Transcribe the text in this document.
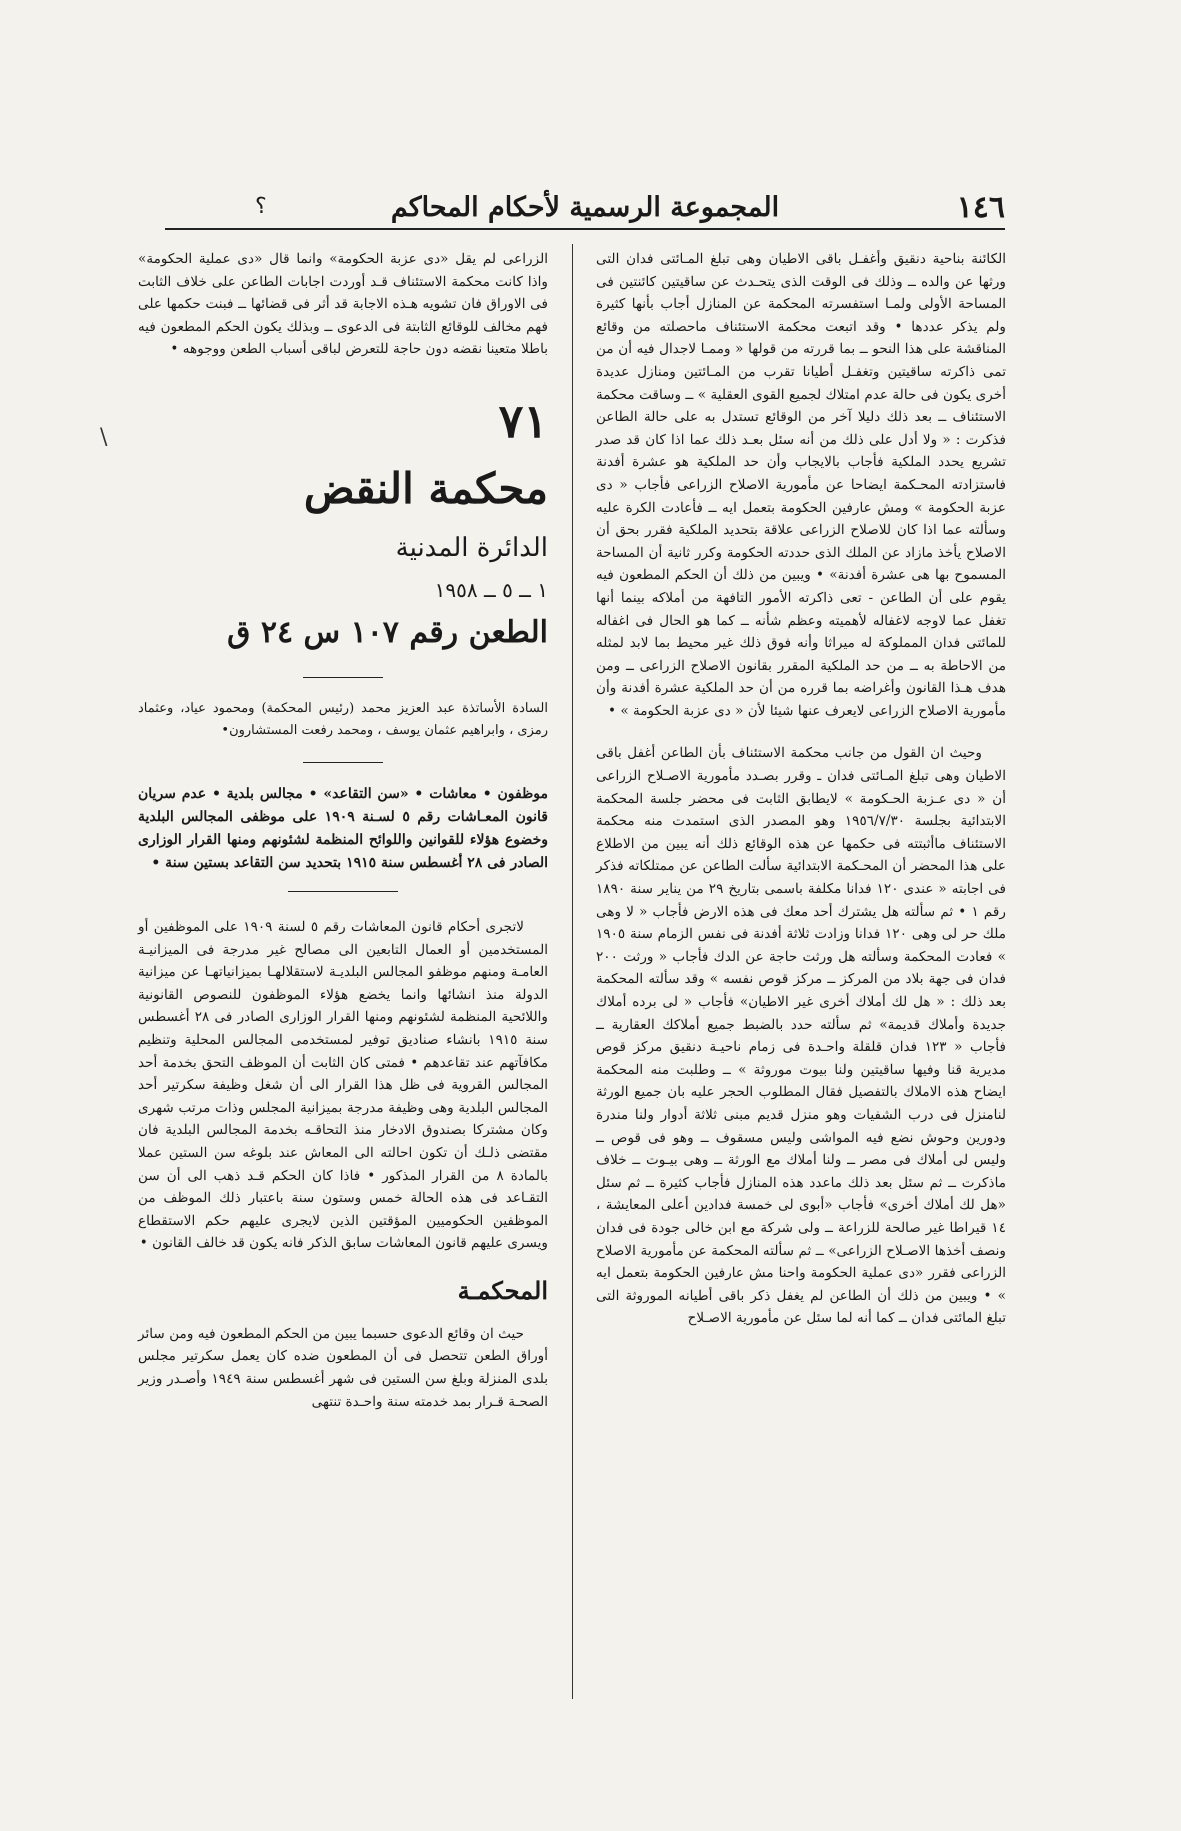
١٤٦
المجموعة الرسمية لأحكام المحاكم
؟
\

الكائنة بناحية دنقيق وأغفـل باقى الاطيان وهى تبلغ المـائتى فدان التى ورثها عن والده ــ وذلك فى الوقت الذى يتحـدث عن ساقيتين كائنتين فى المساحة الأولى ولمـا استفسرته المحكمة عن المنازل أجاب بأنها كثيرة ولم يذكر عددها • وقد اتبعت محكمة الاستئناف ماحصلته من وقائع المناقشة على هذا النحو ــ بما قررته من قولها « وممـا لاجدال فيه أن من تمى ذاكرته ساقيتين وتغفـل أطيانا تقرب من المـائتين ومنازل عديدة أخرى يكون فى حالة عدم امتلاك لجميع القوى العقلية » ــ وساقت محكمة الاستئناف ــ بعد ذلك دليلا آخر من الوقائع تستدل به على حالة الطاعن فذكرت : « ولا أدل على ذلك من أنه سئل بعـد ذلك عما اذا كان قد صدر تشريع يحدد الملكية فأجاب بالايجاب وأن حد الملكية هو عشرة أفدنة فاستزادته المحـكمة ايضاحا عن مأمورية الاصلاح الزراعى فأجاب « دى عزبة الحكومة » ومش عارفين الحكومة بتعمل ايه ــ فأعادت الكرة عليه وسألته عما اذا كان للاصلاح الزراعى علاقة بتحديد الملكية فقرر بحق أن الاصلاح يأخذ مازاد عن الملك الذى حددته الحكومة وكرر ثانية أن المساحة المسموح بها هى عشرة أفدنة» • ويبين من ذلك أن الحكم المطعون فيه يقوم على أن الطاعن - تعى ذاكرته الأمور التافهة من أملاكه بينما أنها تغفل عما لاوجه لاغفاله لأهميته وعظم شأنه ــ كما هو الحال فى اغفاله للمائتى فدان المملوكة له ميراثا وأنه فوق ذلك غير محيط بما لابد لمثله من الاحاطة به ــ من حد الملكية المقرر بقانون الاصلاح الزراعى ــ ومن هدف هـذا القانون وأغراضه بما قرره من أن حد الملكية عشرة أفدنة وأن مأمورية الاصلاح الزراعى لايعرف عنها شيئا لأن « دى عزبة الحكومة » •

وحيث ان القول من جانب محكمة الاستئناف بأن الطاعن أغفل باقى الاطيان وهى تبلغ المـائتى فدان ـ وقرر بصـدد مأمورية الاصـلاح الزراعى أن « دى عـزبة الحـكومة » لايطابق الثابت فى محضر جلسة المحكمة الابتدائية بجلسة ١٩٥٦/٧/٣٠ وهو المصدر الذى استمدت منه محكمة الاستئناف ماأثبتته فى حكمها عن هذه الوقائع ذلك أنه يبين من الاطلاع على هذا المحضر أن المحـكمة الابتدائية سألت الطاعن عن ممتلكاته فذكر فى اجابته « عندى ١٢٠ فدانا مكلفة باسمى بتاريخ ٢٩ من يناير سنة ١٨٩٠ رقم ١ • ثم سألته هل يشترك أحد معك فى هذه الارض فأجاب « لا وهى ملك حر لى وهى ١٢٠ فدانا وزادت ثلاثة أفدنة فى نفس الزمام سنة ١٩٠٥ » فعادت المحكمة وسألته هل ورثت حاجة عن الدك فأجاب « ورثت ٢٠٠ فدان فى جهة بلاد من المركز ــ مركز قوص نفسه » وقد سألته المحكمة بعد ذلك : « هل لك أملاك أخرى غير الاطيان» فأجاب « لى برده أملاك جديدة وأملاك قديمة» ثم سألته حدد بالضبط جميع أملاكك العقارية ــ فأجاب « ١٢٣ فدان قلقلة واحـدة فى زمام ناحيـة دنقيق مركز قوص مديرية قنا وفيها ساقيتين ولنا بيوت موروثة » ــ وطلبت منه المحكمة ايضاح هذه الاملاك بالتفصيل فقال المطلوب الحجر عليه بان جميع الورثة لنامنزل فى درب الشفيات وهو منزل قديم مبنى ثلاثة أدوار ولنا مندرة ودورين وحوش نضع فيه المواشى وليس مسقوف ــ وهو فى قوص ــ وليس لى أملاك فى مصر ــ ولنا أملاك مع الورثة ــ وهى بيـوت ــ خلاف ماذكرت ــ ثم سئل بعد ذلك ماعدد هذه المنازل فأجاب كثيرة ــ ثم سئل «هل لك أملاك أخرى» فأجاب «أبوى لى خمسة فدادين أعلى المعايشة ، ١٤ قيراطا غير صالحة للزراعة ــ ولى شركة مع ابن خالى جودة فى فدان ونصف أخذها الاصـلاح الزراعى» ــ ثم سألته المحكمة عن مأمورية الاصلاح الزراعى فقرر «دى عملية الحكومة واحنا مش عارفين الحكومة بتعمل ايه » • ويبين من ذلك أن الطاعن لم يغفل ذكر باقى أطيانه الموروثة التى تبلغ المائتى فدان ــ كما أنه لما سئل عن مأمورية الاصـلاح

الزراعى لم يقل «دى عزبة الحكومة» وانما قال «دى عملية الحكومة» واذا كانت محكمة الاستئناف قـد أوردت اجابات الطاعن على خلاف الثابت فى الاوراق فان تشويه هـذه الاجابة قد أثر فى قضائها ــ فبنت حكمها على فهم مخالف للوقائع الثابتة فى الدعوى ــ وبذلك يكون الحكم المطعون فيه باطلا متعينا نقضه دون حاجة للتعرض لباقى أسباب الطعن ووجوهه •

٧١
محكمة النقض
الدائرة المدنية
١ ــ ٥ ــ ١٩٥٨
الطعن رقم ١٠٧ س ٢٤ ق

السادة الأساتذة عبد العزيز محمد (رئيس المحكمة) ومحمود عياد، وعثماد رمزى ، وابراهيم عثمان يوسف ، ومحمد رفعت المستشارون•

موظفون • معاشات • «سن التقاعد» • مجالس بلدية • عدم سريان قانون المعـاشات رقم ٥ لسـنة ١٩٠٩ على موظفى المجالس البلدية وخضوع هؤلاء للقوانين واللوائح المنظمة لشئونهم ومنها القرار الوزارى الصادر فى ٢٨ أغسطس سنة ١٩١٥ بتحديد سن التقاعد بستين سنة •

لاتجرى أحكام قانون المعاشات رقم ٥ لسنة ١٩٠٩ على الموظفين أو المستخدمين أو العمال التابعين الى مصالح غير مدرجة فى الميزانيـة العامـة ومنهم موظفو المجالس البلديـة لاستقلالهـا بميزانياتهـا عن ميزانية الدولة منذ انشائها وانما يخضع هؤلاء الموظفون للنصوص القانونية واللائحية المنظمة لشئونهم ومنها القرار الوزارى الصادر فى ٢٨ أغسطس سنة ١٩١٥ بانشاء صناديق توفير لمستخدمى المجالس المحلية وتنظيم مكافآتهم عند تقاعدهم • فمتى كان الثابت أن الموظف التحق بخدمة أحد المجالس القروية فى ظل هذا القرار الى أن شغل وظيفة سكرتير أحد المجالس البلدية وهى وظيفة مدرجة بميزانية المجلس وذات مرتب شهرى وكان مشتركا بصندوق الادخار منذ التحاقـه بخدمة المجالس البلدية فان مقتضى ذلـك أن تكون احالته الى المعاش عند بلوغه سن الستين عملا بالمادة ٨ من القرار المذكور • فاذا كان الحكم قـد ذهب الى أن سن التقـاعد فى هذه الحالة خمس وستون سنة باعتبار ذلك الموظف من الموظفين الحكوميين المؤقتين الذين لايجرى عليهم حكم الاستقطاع ويسرى عليهم قانون المعاشات سابق الذكر فانه يكون قد خالف القانون •

المحكمـة

حيث ان وقائع الدعوى حسبما يبين من الحكم المطعون فيه ومن سائر أوراق الطعن تتحصل فى أن المطعون ضده كان يعمل سكرتير مجلس بلدى المنزلة وبلغ سن الستين فى شهر أغسطس سنة ١٩٤٩ وأصـدر وزير الصحـة قـرار بمد خدمته سنة واحـدة تنتهى
